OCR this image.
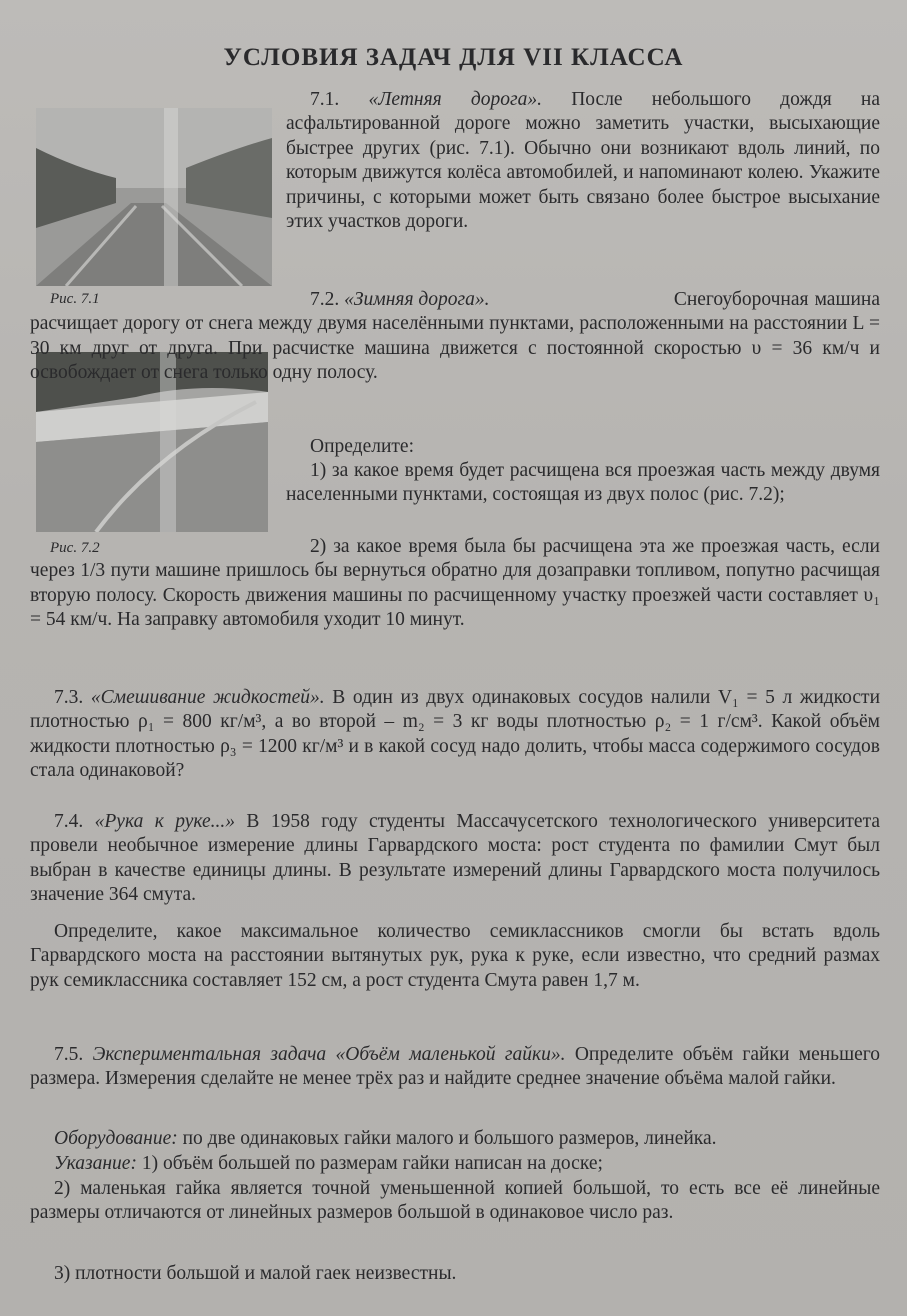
УСЛОВИЯ ЗАДАЧ ДЛЯ VII КЛАССА
Рис. 7.1
Рис. 7.2

7.1. «Летняя дорога». После небольшого дождя на асфальтированной дороге можно заметить участки, высыхающие быстрее других (рис. 7.1). Обычно они возникают вдоль линий, по которым движутся колёса автомобилей, и напоминают колею. Укажите причины, с которыми может быть связано более быстрое высыхание этих участков дороги.

7.2. «Зимняя дорога».	Снегоуборочная машина расчищает дорогу от снега между двумя населёнными пунктами, расположенными на расстоянии L = 30 км друг от друга. При расчистке машина движется с постоянной скоростью υ = 36 км/ч и освобождает от снега только одну полосу.

Определите:

1) за какое время будет расчищена вся проезжая часть между двумя населенными пунктами, состоящая из двух полос (рис. 7.2);

2) за какое время была бы расчищена эта же проезжая часть, если через 1/3 пути машине пришлось бы вернуться обратно для дозаправки топливом, попутно расчищая вторую полосу. Скорость движения машины по расчищенному участку проезжей части составляет υ₁ = 54 км/ч. На заправку автомобиля уходит 10 минут.

7.3. «Смешивание жидкостей». В один из двух одинаковых сосудов налили V₁ = 5 л жидкости плотностью ρ₁ = 800 кг/м³, а во второй – m₂ = 3 кг воды плотностью ρ₂ = 1 г/см³. Какой объём жидкости плотностью ρ₃ = 1200 кг/м³ и в какой сосуд надо долить, чтобы масса содержимого сосудов стала одинаковой?

7.4. «Рука к руке...» В 1958 году студенты Массачусетского технологического университета провели необычное измерение длины Гарвардского моста: рост студента по фамилии Смут был выбран в качестве единицы длины. В результате измерений длины Гарвардского моста получилось значение 364 смута.

Определите, какое максимальное количество семиклассников смогли бы встать вдоль Гарвардского моста на расстоянии вытянутых рук, рука к руке, если известно, что средний размах рук семиклассника составляет 152 см, а рост студента Смута равен 1,7 м.

7.5. Экспериментальная задача «Объём маленькой гайки». Определите объём гайки меньшего размера. Измерения сделайте не менее трёх раз и найдите среднее значение объёма малой гайки.

Оборудование: по две одинаковых гайки малого и большого размеров, линейка.

Указание: 1) объём большей по размерам гайки написан на доске;

2) маленькая гайка является точной уменьшенной копией большой, то есть все её линейные размеры отличаются от линейных размеров большой в одинаковое число раз.

3) плотности большой и малой гаек неизвестны.
